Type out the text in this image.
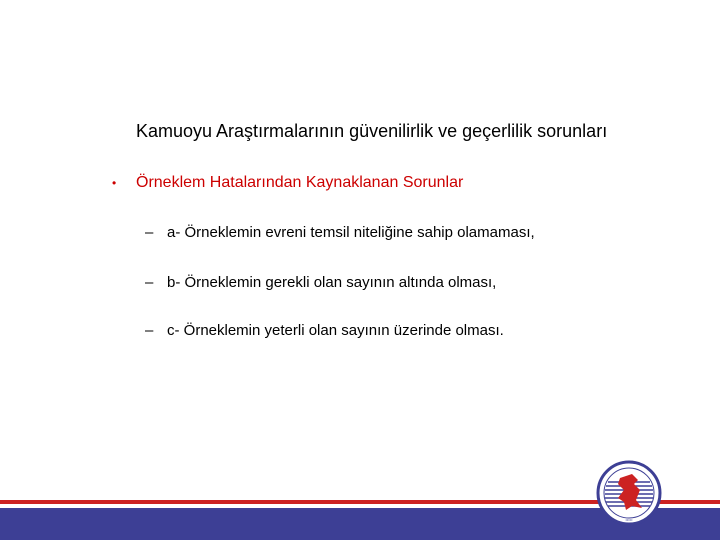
Kamuoyu Araştırmalarının güvenilirlik ve geçerlilik sorunları
•	Örneklem Hatalarından Kaynaklanan Sorunlar
– a- Örneklemin evreni temsil niteliğine sahip olamaması,
– b- Örneklemin gerekli olan sayının altında olması,
– c- Örneklemin yeterli olan sayının üzerinde olması.
•••••
